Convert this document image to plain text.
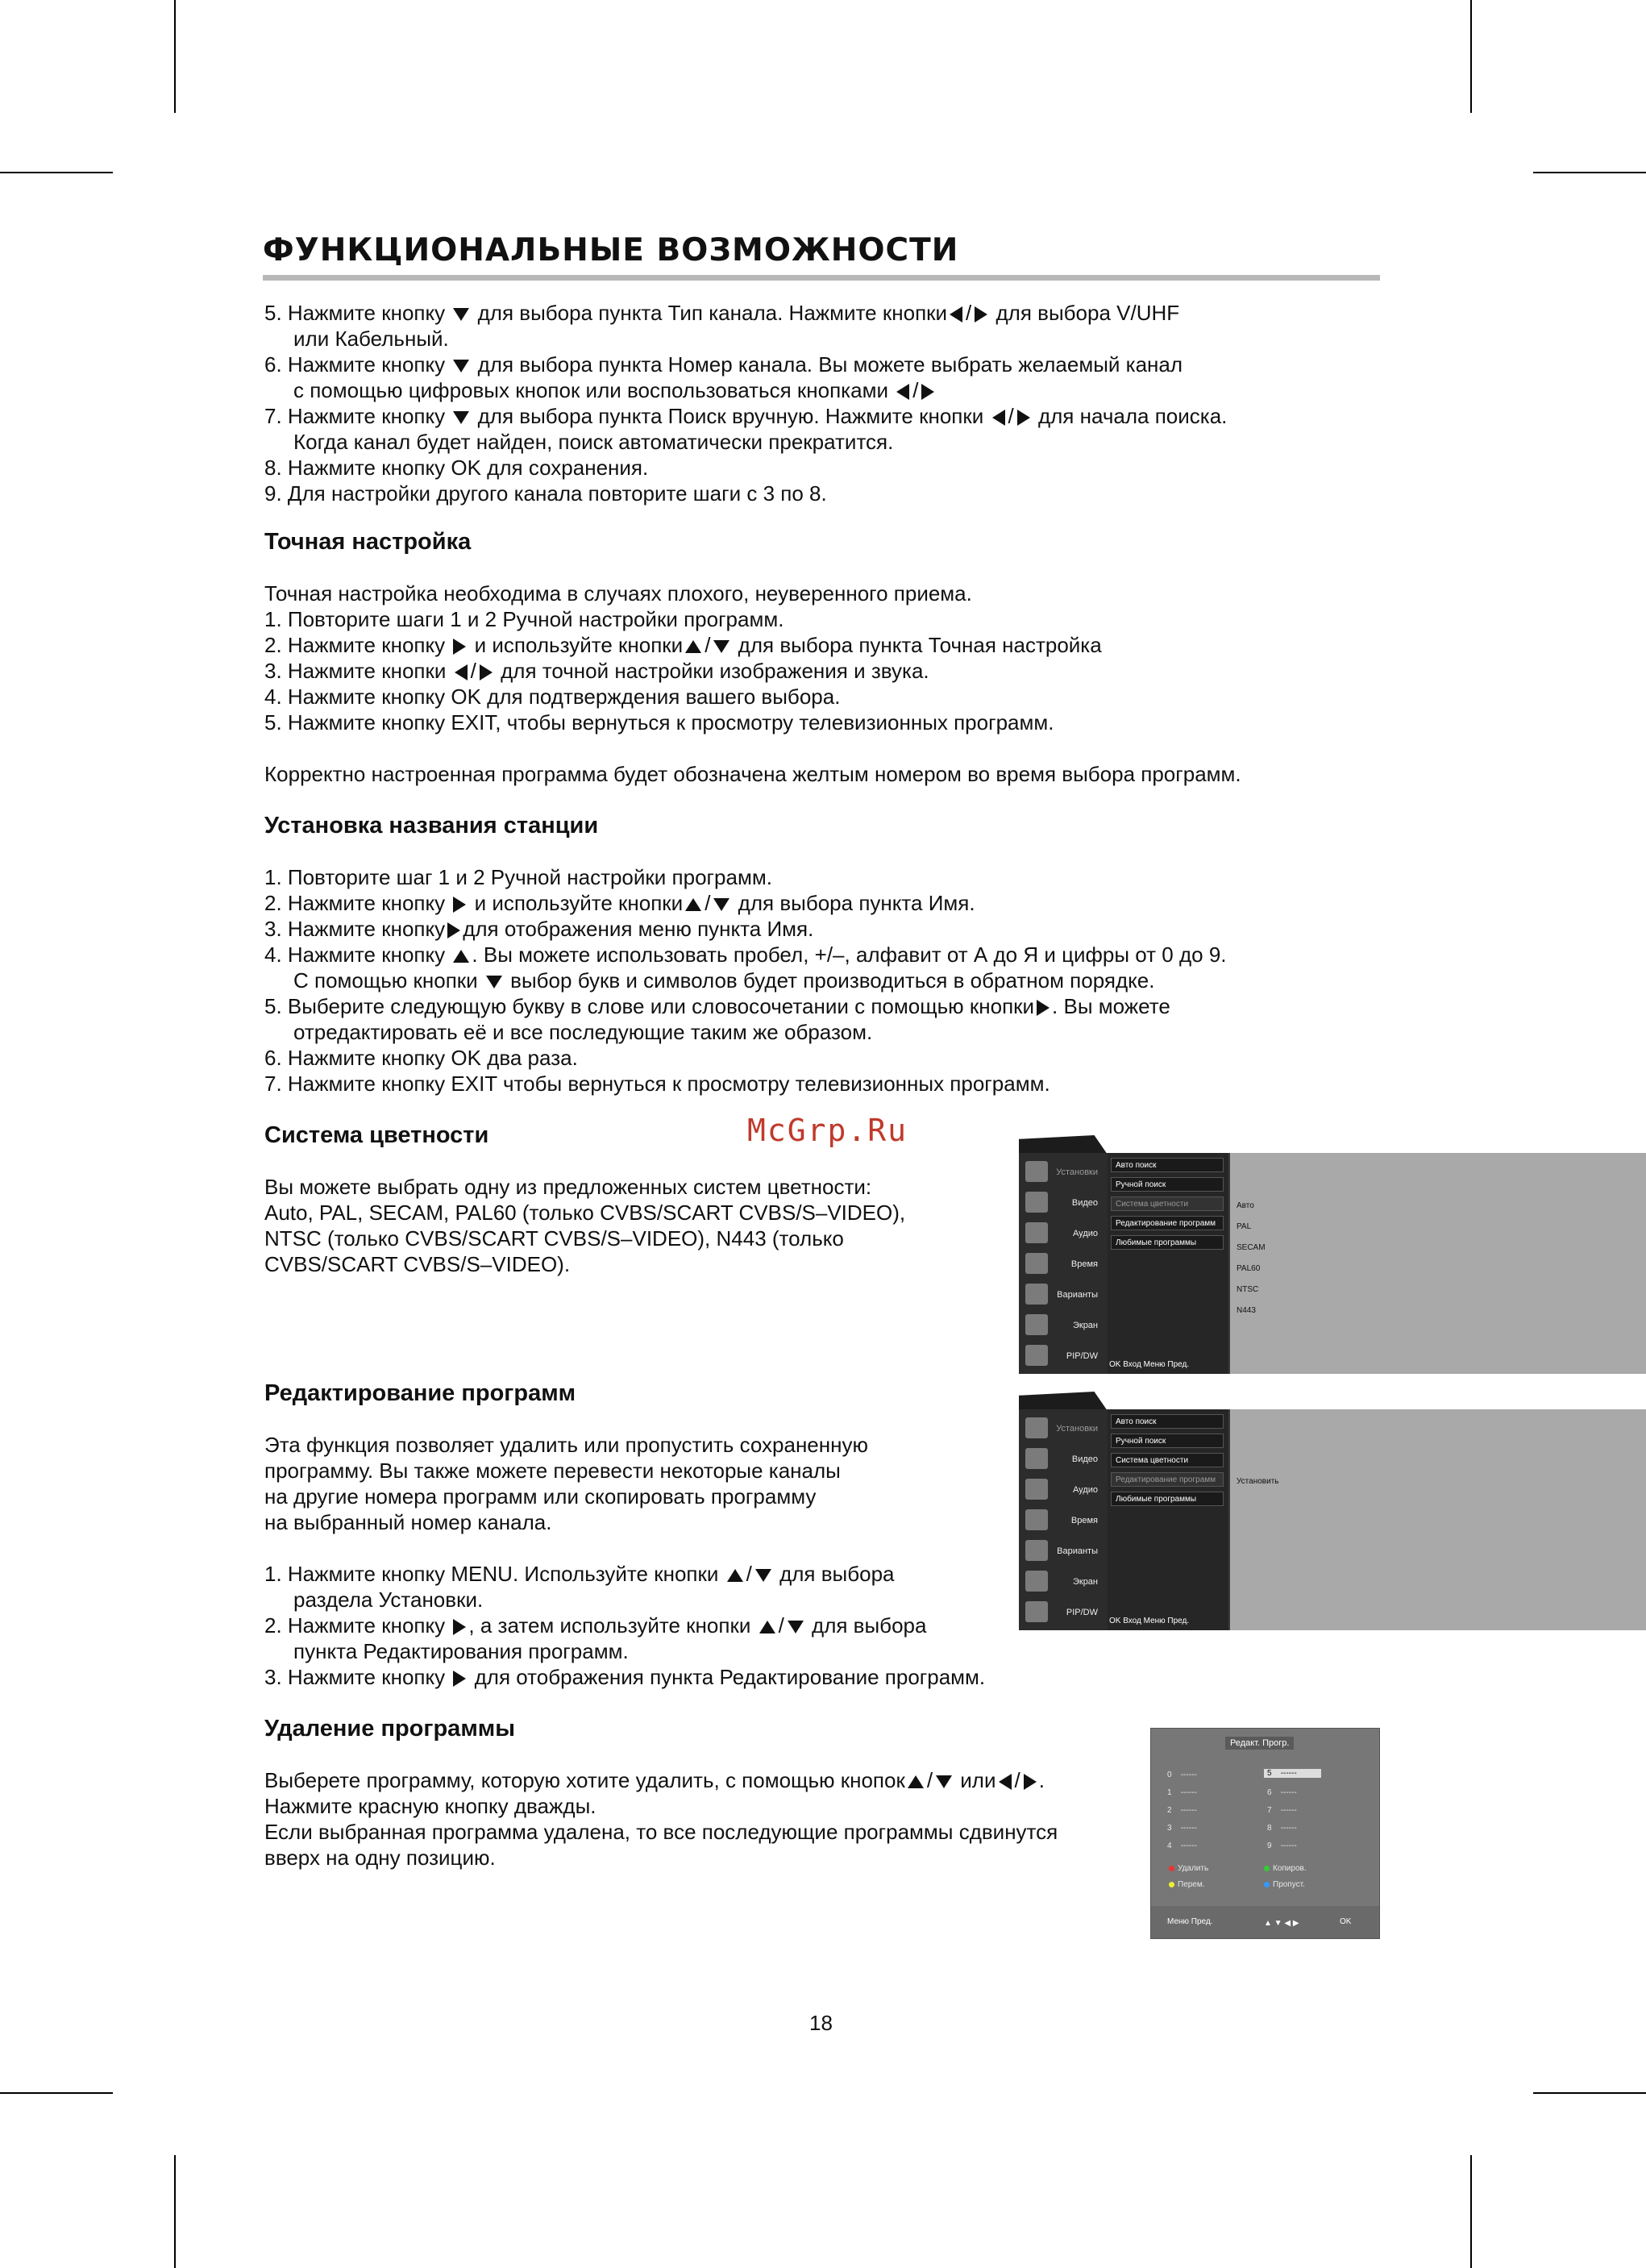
ФУНКЦИОНАЛЬНЫЕ ВОЗМОЖНОСТИ
5. Нажмите кнопку  для выбора пункта Тип канала. Нажмите кнопки / для выбора V/UHF
или Кабельный.
6. Нажмите кнопку  для выбора пункта Номер канала. Вы можете выбрать желаемый канал
с помощью цифровых кнопок или воспользоваться кнопками /
7. Нажмите кнопку  для выбора пункта Поиск вручную. Нажмите кнопки / для начала поиска.
Когда канал будет найден, поиск автоматически прекратится.
8. Нажмите кнопку OK для сохранения.
9. Для настройки другого канала повторите шаги с 3 по 8.
Точная настройка
Точная настройка необходима в случаях плохого, неуверенного приема.
1. Повторите шаги 1 и 2 Ручной настройки программ.
2. Нажмите кнопку  и используйте кнопки / для выбора пункта Точная настройка
3. Нажмите кнопки / для точной настройки изображения и звука.
4. Нажмите кнопку OK для подтверждения вашего выбора.
5. Нажмите кнопку EXIT, чтобы вернуться к просмотру телевизионных программ.
Корректно настроенная программа будет обозначена желтым номером во время выбора программ.
Установка названия станции
1. Повторите шаг 1 и 2 Ручной настройки программ.
2. Нажмите кнопку  и используйте кнопки / для выбора пункта Имя.
3. Нажмите кнопку для отображения меню пункта Имя.
4. Нажмите кнопку . Вы можете использовать пробел, +/–, алфавит от А до Я и цифры от 0 до 9.
С помощью кнопки  выбор букв и символов будет производиться в обратном порядке.
5. Выберите следующую букву в слове или словосочетании с помощью кнопки . Вы можете
отредактировать её и все последующие таким же образом.
6. Нажмите кнопку OK два раза.
7. Нажмите кнопку EXIT чтобы вернуться к просмотру телевизионных программ.
Система цветности	McGrp.Ru
Вы можете выбрать одну из предложенных систем цветности:
Auto, PAL, SECAM, PAL60 (только CVBS/SCART CVBS/S–VIDEO),
NTSC (только CVBS/SCART CVBS/S–VIDEO), N443 (только
CVBS/SCART CVBS/S–VIDEO).
Установки
Видео
Аудио
Время
Варианты
Экран
PIP/DW
Авто поиск
Ручной поиск
Система цветности
Редактирование программ
Любимые программы
OK Вход Меню Пред.
Авто
PAL
SECAM
PAL60
NTSC
N443
Редактирование программ
Эта функция позволяет удалить или пропустить сохраненную
программу. Вы также можете перевести некоторые каналы
на другие номера программ или скопировать программу
на выбранный номер канала.
1. Нажмите кнопку MENU. Используйте кнопки / для выбора
раздела Установки.
2. Нажмите кнопку , а затем используйте кнопки / для выбора
пункта Редактирования программ.
3. Нажмите кнопку  для отображения пункта Редактирование программ.
Установки
Видео
Аудио
Время
Варианты
Экран
PIP/DW
Авто поиск
Ручной поиск
Система цветности
Редактирование программ
Любимые программы
OK Вход Меню Пред.
Установить
Удаление программы
Выберете программу, которую хотите удалить, с помощью кнопок / или / .
Нажмите красную кнопку дважды.
Если выбранная программа удалена, то все последующие программы сдвинутся
вверх на одну позицию.
Редакт. Прогр.
0 ------
1 ------
2 ------
3 ------
4 ------
5 ------
6 ------
7 ------
8 ------
9 ------
Удалить	Копиров.
Перем.	Пропуст.
Меню Пред.	▲ ▼ ◀ ▶	OK
18
